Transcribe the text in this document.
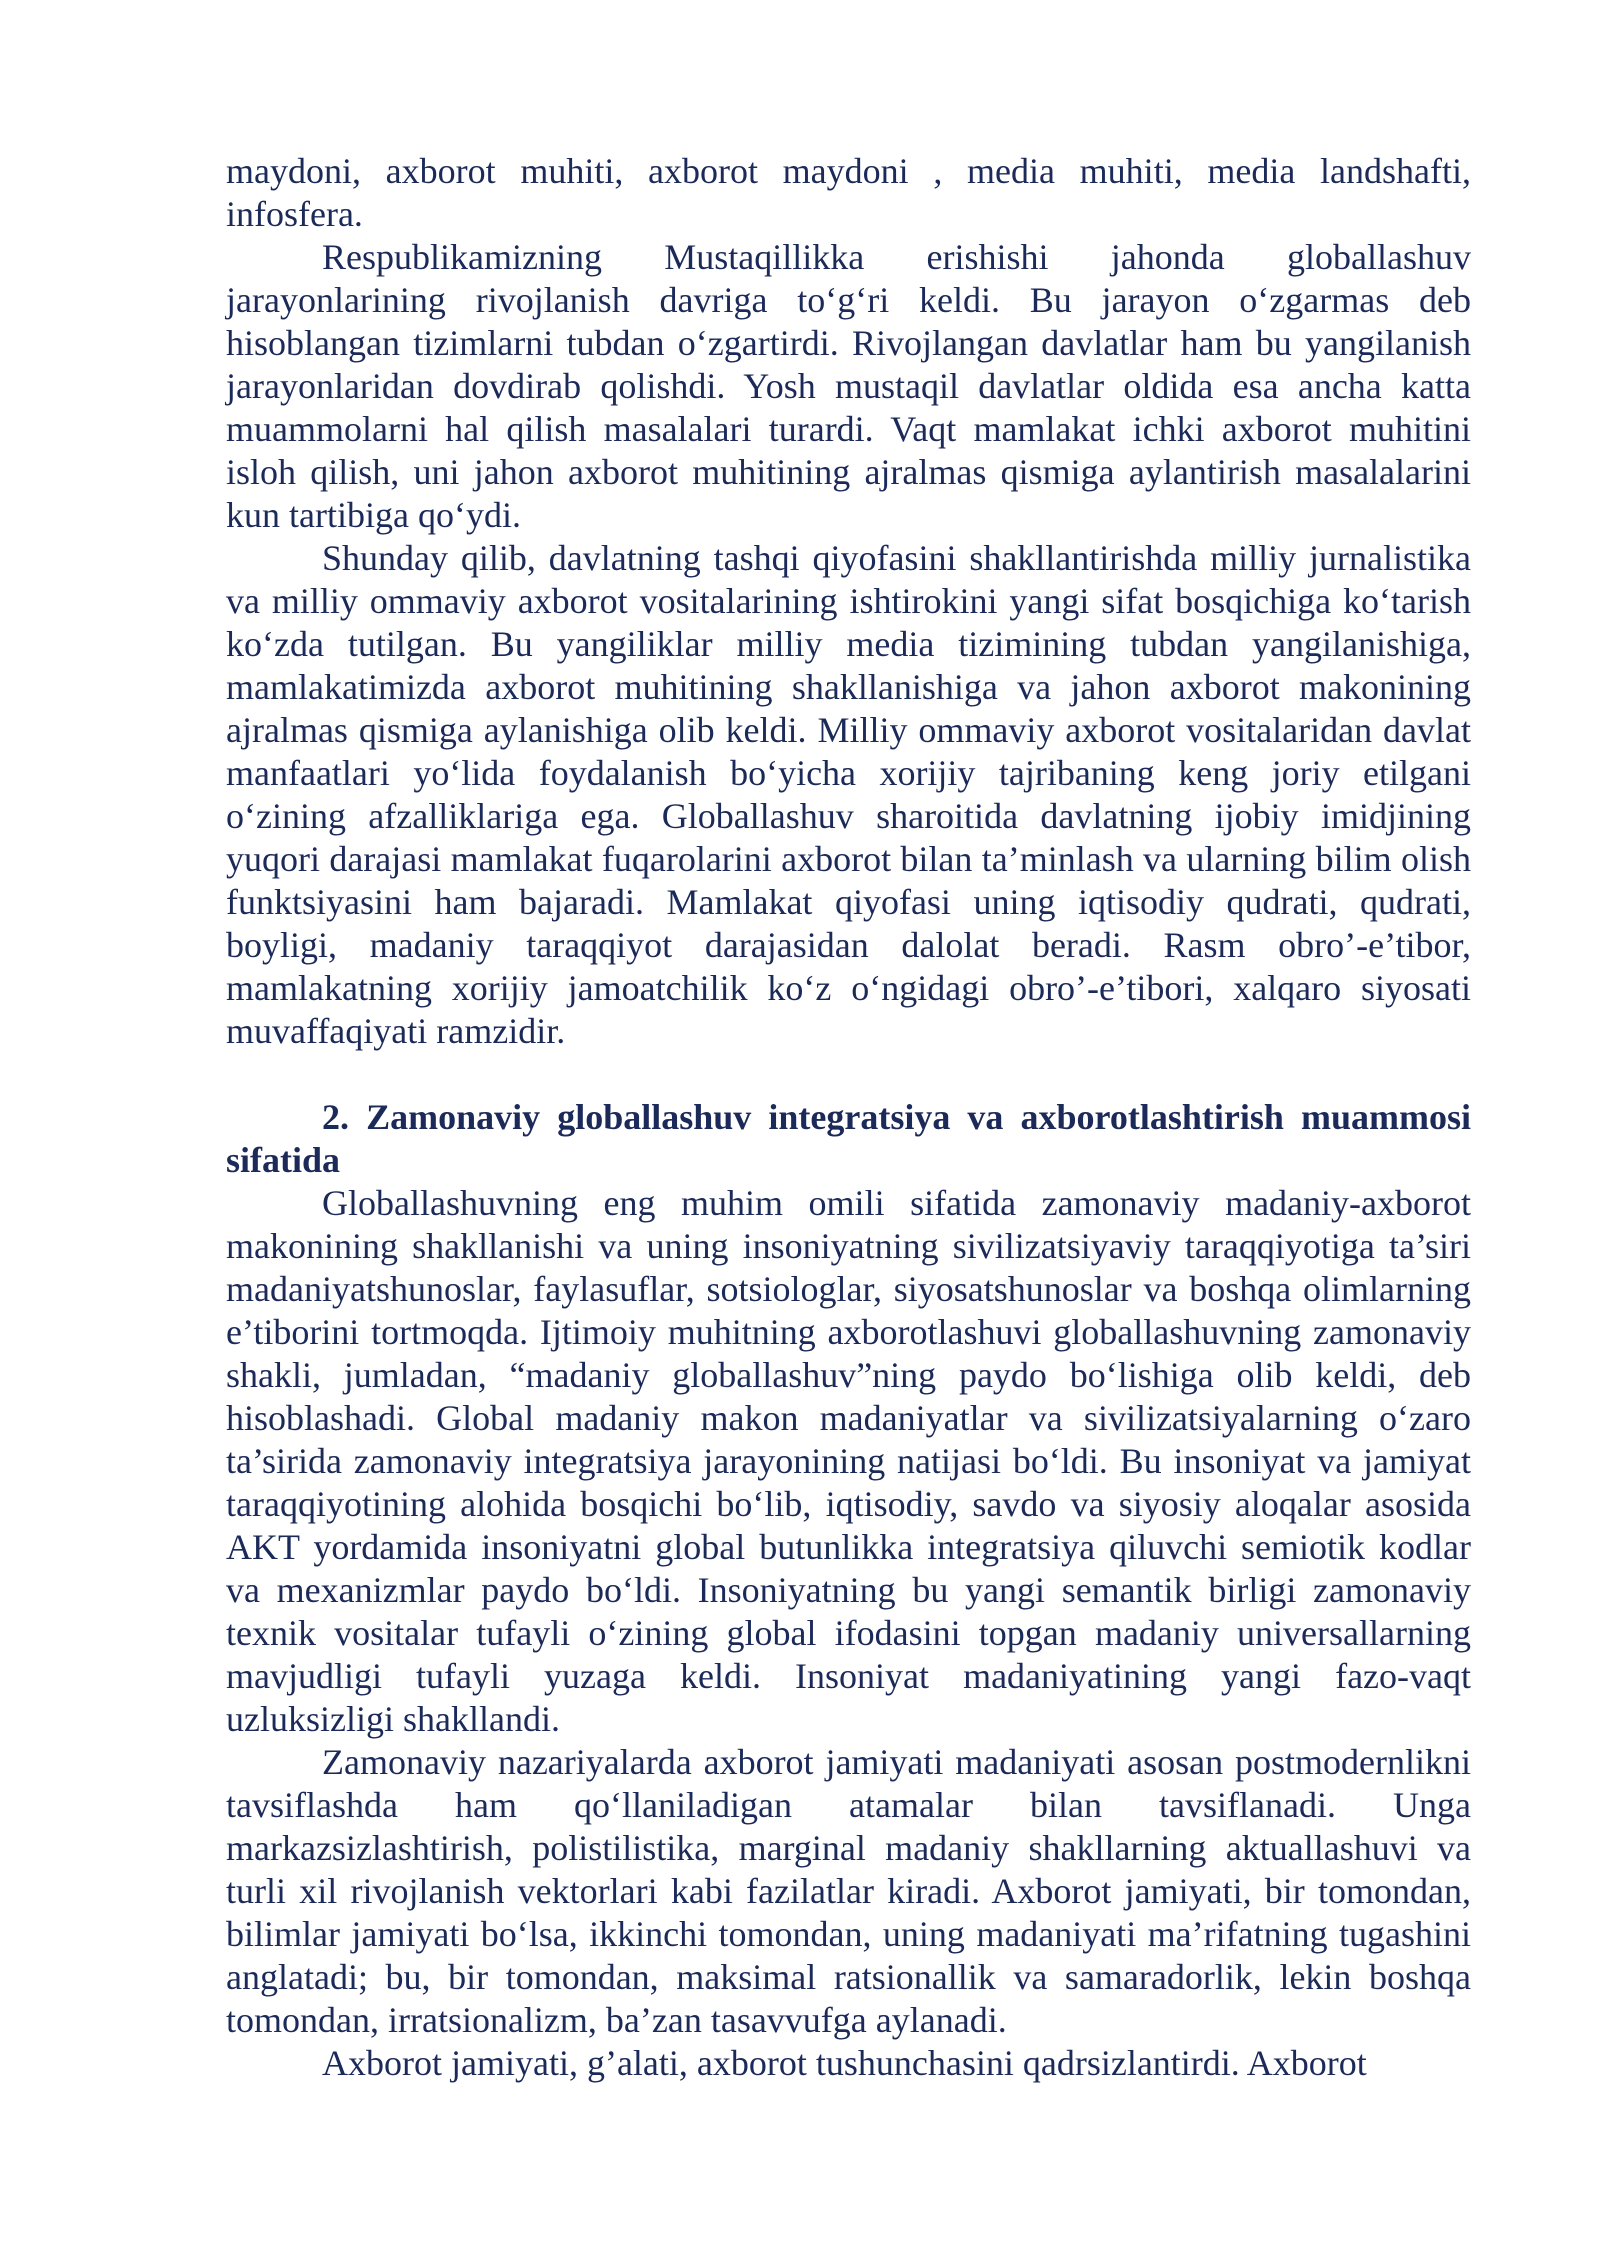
maydoni, axborot muhiti, axborot maydoni , media muhiti, media landshafti, infosfera.

Respublikamizning Mustaqillikka erishishi jahonda globallashuv jarayonlarining rivojlanish davriga to‘g‘ri keldi. Bu jarayon o‘zgarmas deb hisoblangan tizimlarni tubdan o‘zgartirdi. Rivojlangan davlatlar ham bu yangilanish jarayonlaridan dovdirab qolishdi. Yosh mustaqil davlatlar oldida esa ancha katta muammolarni hal qilish masalalari turardi. Vaqt mamlakat ichki axborot muhitini isloh qilish, uni jahon axborot muhitining ajralmas qismiga aylantirish masalalarini kun tartibiga qo‘ydi.

Shunday qilib, davlatning tashqi qiyofasini shakllantirishda milliy jurnalistika va milliy ommaviy axborot vositalarining ishtirokini yangi sifat bosqichiga ko‘tarish ko‘zda tutilgan. Bu yangiliklar milliy media tizimining tubdan yangilanishiga, mamlakatimizda axborot muhitining shakllanishiga va jahon axborot makonining ajralmas qismiga aylanishiga olib keldi. Milliy ommaviy axborot vositalaridan davlat manfaatlari yo‘lida foydalanish bo‘yicha xorijiy tajribaning keng joriy etilgani o‘zining afzalliklariga ega. Globallashuv sharoitida davlatning ijobiy imidjining yuqori darajasi mamlakat fuqarolarini axborot bilan ta’minlash va ularning bilim olish funktsiyasini ham bajaradi. Mamlakat qiyofasi uning iqtisodiy qudrati, qudrati, boyligi, madaniy taraqqiyot darajasidan dalolat beradi. Rasm obro’-e’tibor, mamlakatning xorijiy jamoatchilik ko‘z o‘ngidagi obro’-e’tibori, xalqaro siyosati muvaffaqiyati ramzidir.

2. Zamonaviy globallashuv integratsiya va axborotlashtirish muammosi sifatida

Globallashuvning eng muhim omili sifatida zamonaviy madaniy-axborot makonining shakllanishi va uning insoniyatning sivilizatsiyaviy taraqqiyotiga ta’siri madaniyatshunoslar, faylasuflar, sotsiologlar, siyosatshunoslar va boshqa olimlarning e’tiborini tortmoqda. Ijtimoiy muhitning axborotlashuvi globallashuvning zamonaviy shakli, jumladan, “madaniy globallashuv”ning paydo bo‘lishiga olib keldi, deb hisoblashadi. Global madaniy makon madaniyatlar va sivilizatsiyalarning o‘zaro ta’sirida zamonaviy integratsiya jarayonining natijasi bo‘ldi. Bu insoniyat va jamiyat taraqqiyotining alohida bosqichi bo‘lib, iqtisodiy, savdo va siyosiy aloqalar asosida AKT yordamida insoniyatni global butunlikka integratsiya qiluvchi semiotik kodlar va mexanizmlar paydo bo‘ldi. Insoniyatning bu yangi semantik birligi zamonaviy texnik vositalar tufayli o‘zining global ifodasini topgan madaniy universallarning mavjudligi tufayli yuzaga keldi. Insoniyat madaniyatining yangi fazo-vaqt uzluksizligi shakllandi.

Zamonaviy nazariyalarda axborot jamiyati madaniyati asosan postmodernlikni tavsiflashda ham qo‘llaniladigan atamalar bilan tavsiflanadi. Unga markazsizlashtirish, polistilistika, marginal madaniy shakllarning aktuallashuvi va turli xil rivojlanish vektorlari kabi fazilatlar kiradi. Axborot jamiyati, bir tomondan, bilimlar jamiyati bo‘lsa, ikkinchi tomondan, uning madaniyati ma’rifatning tugashini anglatadi; bu, bir tomondan, maksimal ratsionallik va samaradorlik, lekin boshqa tomondan, irratsionalizm, ba’zan tasavvufga aylanadi.

Axborot jamiyati, g’alati, axborot tushunchasini qadrsizlantirdi. Axborot
